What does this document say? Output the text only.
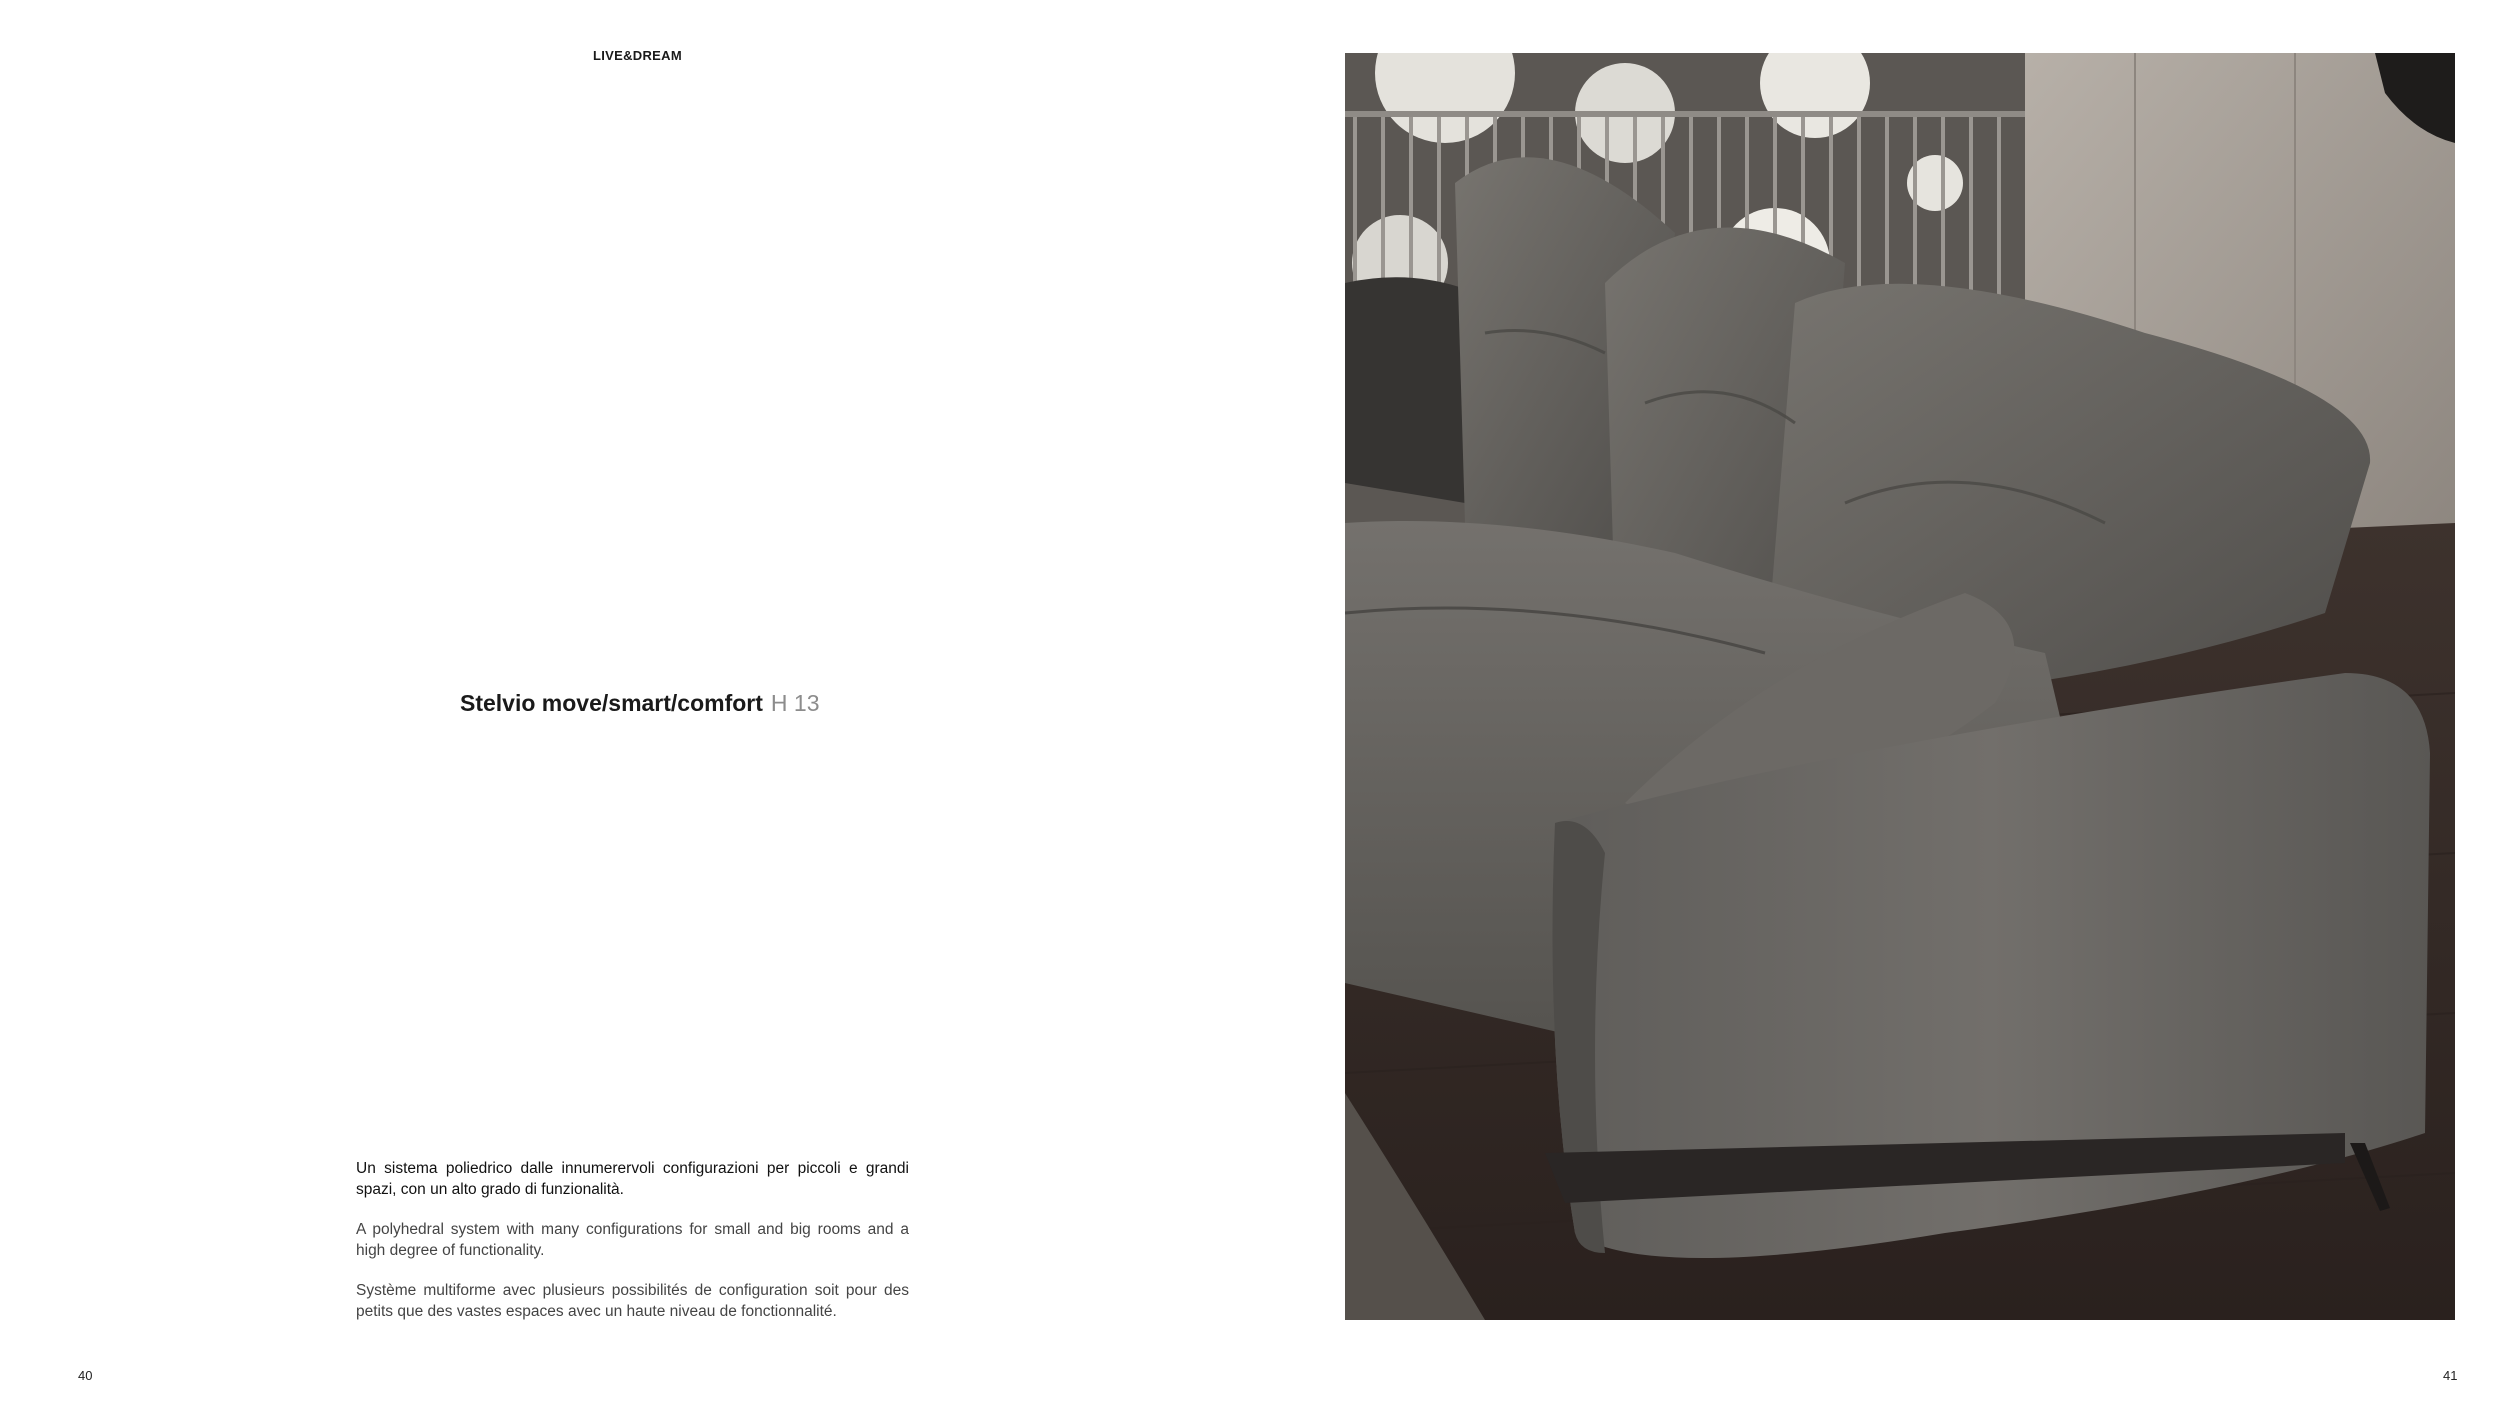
LIVE&DREAM
Stelvio move/smart/comfort H 13

Un sistema poliedrico dalle innumerervoli configurazioni per piccoli e grandi spazi, con un alto grado di funzionalità.

A polyhedral system with many configurations for small and big rooms and a high degree of functionality.

Système multiforme avec plusieurs possibilités de configuration soit pour des petits que des vastes espaces avec un haute niveau de fonctionnalité.

40	41
